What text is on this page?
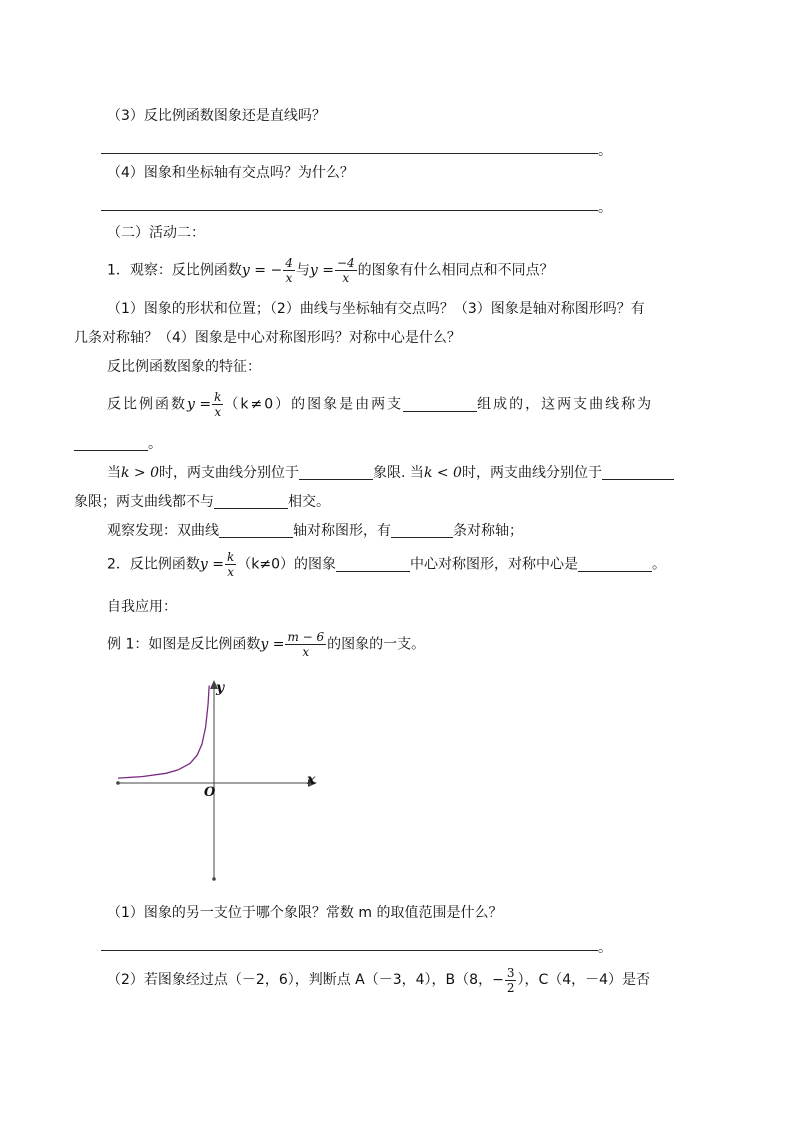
（3）反比例函数图象还是直线吗？
。
（4）图象和坐标轴有交点吗？为什么？
。
（二）活动二：
1．观察：反比例函数y = − $\frac{4}{x}$ 与$y = \frac{-4}{x}$ 的图象有什么相同点和不同点？
（1）图象的形状和位置；（2）曲线与坐标轴有交点吗？（3）图象是轴对称图形吗？有
几条对称轴？（4）图象是中心对称图形吗？对称中心是什么？
反比例函数图象的特征：
反比例函数$y = \frac{k}{x} (k\ne 0)$的图象是由两支	组成的，这两支曲线称为
。
当k > 0时，两支曲线分别位于	象限. 当k < 0时，两支曲线分别位于
象限；两支曲线都不与	相交。
观察发现：双曲线	轴对称图形，有	条对称轴；
2．反比例函数$y = \frac{k}{x} (k\ne 0)$的图象	中心对称图形，对称中心是	。
自我应用：
例 1：如图是反比例函数$y = \frac{m - 6}{x}$ 的图象的一支。
x
y
O
（1）图象的另一支位于哪个象限？常数 m 的取值范围是什么？
。
（2）若图象经过点（－2，6），判断点 A（－3，4），B（8，− $\frac{3}{2}$ ），C（4，－4）是否
